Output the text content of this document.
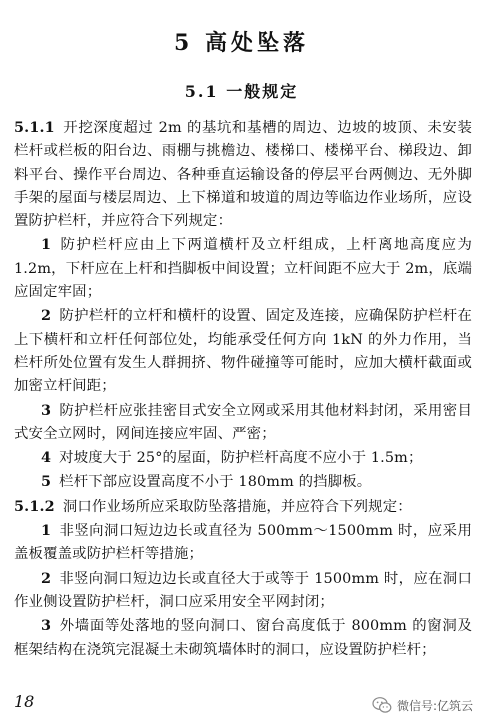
5 高处坠落
5.1 一般规定

5.1.1 开挖深度超过 2m 的基坑和基槽的周边、边坡的坡顶、未安装栏杆或栏板的阳台边、雨棚与挑檐边、楼梯口、楼梯平台、梯段边、卸料平台、操作平台周边、各种垂直运输设备的停层平台两侧边、无外脚手架的屋面与楼层周边、上下梯道和坡道的周边等临边作业场所，应设置防护栏杆，并应符合下列规定：

1 防护栏杆应由上下两道横杆及立杆组成，上杆离地高度应为 1.2m，下杆应在上杆和挡脚板中间设置；立杆间距不应大于 2m，底端应固定牢固；

2 防护栏杆的立杆和横杆的设置、固定及连接，应确保防护栏杆在上下横杆和立杆任何部位处，均能承受任何方向 1kN 的外力作用，当栏杆所处位置有发生人群拥挤、物件碰撞等可能时，应加大横杆截面或加密立杆间距；

3 防护栏杆应张挂密目式安全立网或采用其他材料封闭，采用密目式安全立网时，网间连接应牢固、严密；

4 对坡度大于 25°的屋面，防护栏杆高度不应小于 1.5m；

5 栏杆下部应设置高度不小于 180mm 的挡脚板。

5.1.2 洞口作业场所应采取防坠落措施，并应符合下列规定：

1 非竖向洞口短边边长或直径为 500mm～1500mm 时，应采用盖板覆盖或防护栏杆等措施；

2 非竖向洞口短边边长或直径大于或等于 1500mm 时，应在洞口作业侧设置防护栏杆，洞口应采用安全平网封闭；

3 外墙面等处落地的竖向洞口、窗台高度低于 800mm 的窗洞及框架结构在浇筑完混凝土未砌筑墙体时的洞口，应设置防护栏杆；

18	微信号:亿筑云
